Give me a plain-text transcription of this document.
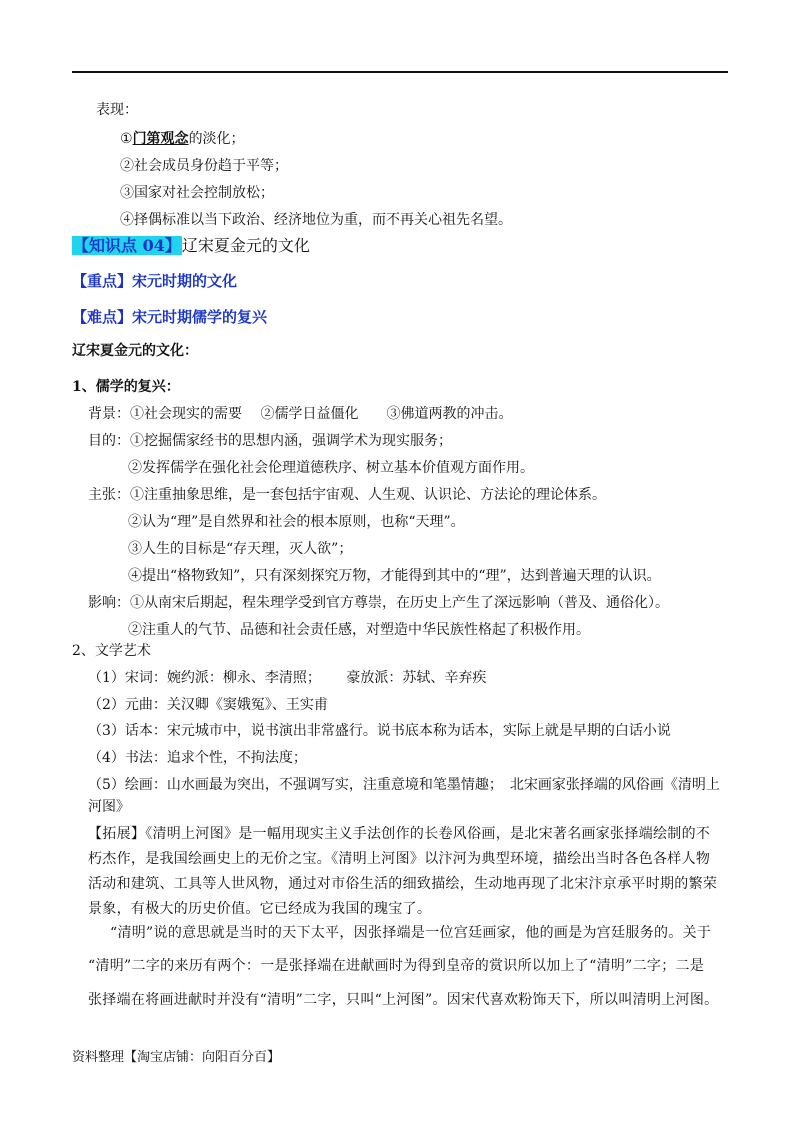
表现：
①门第观念的淡化；
②社会成员身份趋于平等；
③国家对社会控制放松；
④择偶标准以当下政治、经济地位为重，而不再关心祖先名望。
【知识点 04】辽宋夏金元的文化
【重点】宋元时期的文化
【难点】宋元时期儒学的复兴
辽宋夏金元的文化：
1、儒学的复兴：
背景：①社会现实的需要　 ②儒学日益僵化　　③佛道两教的冲击。
目的：①挖掘儒家经书的思想内涵，强调学术为现实服务；
②发挥儒学在强化社会伦理道德秩序、树立基本价值观方面作用。
主张：①注重抽象思维，是一套包括宇宙观、人生观、认识论、方法论的理论体系。
②认为“理”是自然界和社会的根本原则，也称“天理”。
③人生的目标是“存天理，灭人欲”；
④提出“格物致知”，只有深刻探究万物，才能得到其中的“理”，达到普遍天理的认识。
影响：①从南宋后期起，程朱理学受到官方尊崇，在历史上产生了深远影响（普及、通俗化）。
②注重人的气节、品德和社会责任感，对塑造中华民族性格起了积极作用。
2、文学艺术
（1）宋词：婉约派：柳永、李清照；　　 豪放派：苏轼、辛弃疾
（2）元曲：关汉卿《窦娥冤》、王实甫
（3）话本：宋元城市中，说书演出非常盛行。说书底本称为话本，实际上就是早期的白话小说
（4）书法：追求个性，不拘法度；
（5）绘画：山水画最为突出，不强调写实，注重意境和笔墨情趣；　北宋画家张择端的风俗画《清明上
河图》
【拓展】《清明上河图》是一幅用现实主义手法创作的长卷风俗画，是北宋著名画家张择端绘制的不
朽杰作，是我国绘画史上的无价之宝。《清明上河图》以汴河为典型环境，描绘出当时各色各样人物
活动和建筑、工具等人世风物，通过对市俗生活的细致描绘，生动地再现了北宋汴京承平时期的繁荣
景象，有极大的历史价值。它已经成为我国的瑰宝了。
“清明”说的意思就是当时的天下太平，因张择端是一位宫廷画家，他的画是为宫廷服务的。关于
“清明”二字的来历有两个：一是张择端在进献画时为得到皇帝的赏识所以加上了“清明”二字；二是
张择端在将画进献时并没有“清明”二字，只叫“上河图”。因宋代喜欢粉饰天下，所以叫清明上河图。
资料整理【淘宝店铺：向阳百分百】
